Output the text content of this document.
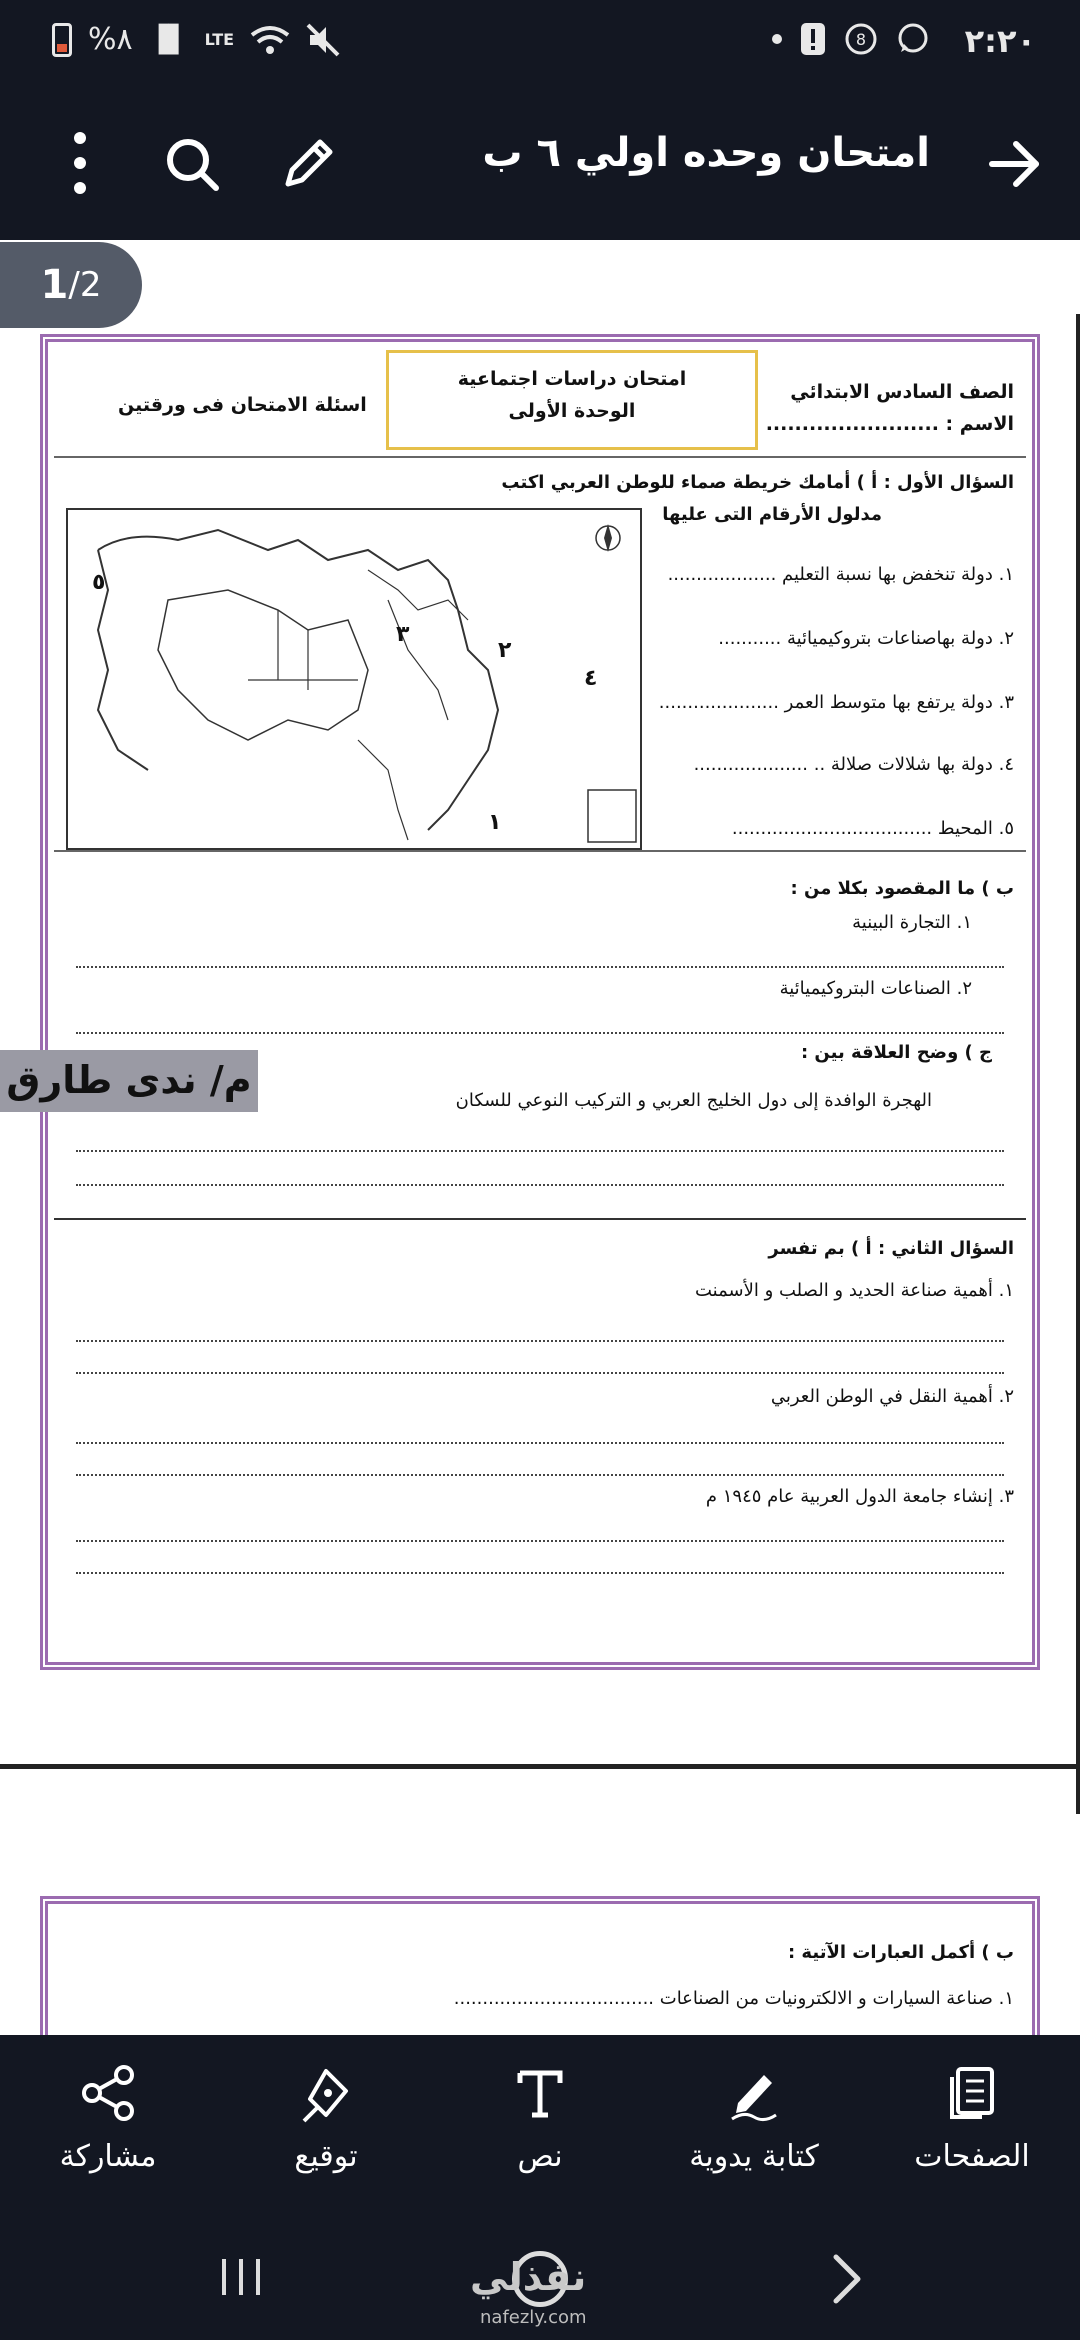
%٨ ▐▌ LTE	8	٢:٢٠
امتحان وحده اولي ٦ ب
1 /2
الصف السادس الابتدائي
الاسم : ........................
امتحان دراسات اجتماعية
الوحدة الأولى
اسئلة الامتحان فى ورقتين
السؤال الأول : أ ) أمامك خريطة صماء للوطن العربي اكتب
مدلول الأرقام التى عليها
٥
٣
٢
٤
١
١. دولة تنخفض بها نسبة التعليم ...................
٢. دولة بهاصناعات بتروكيميائية ...........
٣. دولة يرتفع بها متوسط العمر .....................
٤. دولة بها شلالات صلالة .. ....................
٥. المحيط ...................................
ب ) ما المقصود بكلا من :
١. التجارة البينية
٢. الصناعات البتروكيميائية
ج ) وضح العلاقة بين :
الهجرة الوافدة إلى دول الخليج العربي و التركيب النوعي للسكان
السؤال الثاني : أ ) بم تفسر
١. أهمية صناعة الحديد و الصلب و الأسمنت
٢. أهمية النقل في الوطن العربي
٣. إنشاء جامعة الدول العربية عام ١٩٤٥ م
م/ ندى طارق
ب ) أكمل العبارات الآتية :
١. صناعة السيارات و الالكترونيات من الصناعات ...................................
الصفحات
كتابة يدوية
نص
توقيع
مشاركة
نفذلي
nafezly.com
